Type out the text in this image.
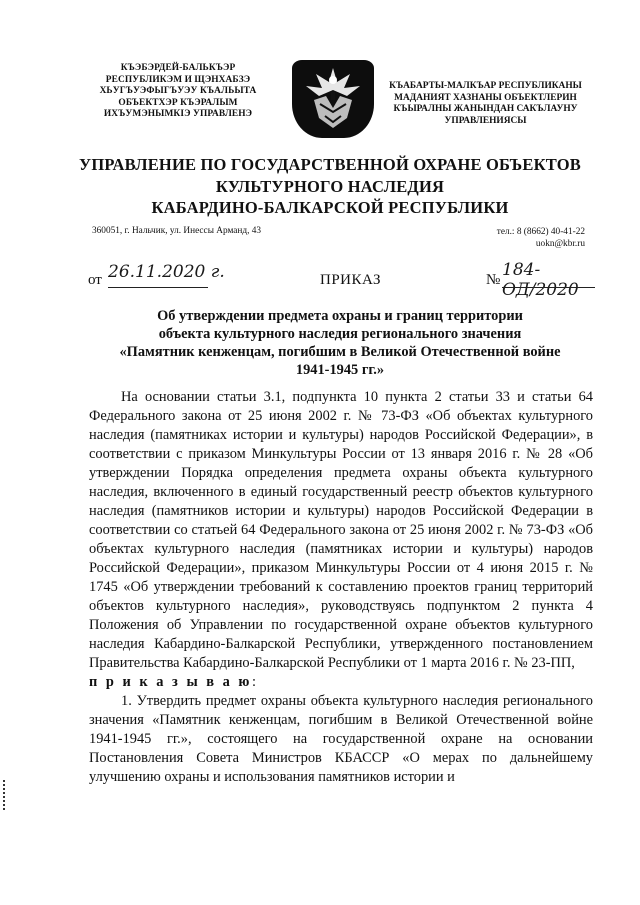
КЪЭБЭРДЕЙ-БАЛЬКЪЭР
РЕСПУБЛИКЭМ И ЩЭНХАБЗЭ
ХЬУГЪУЭФЫГЪУЭУ КЪАЛЬЫТА
ОБЪЕКТХЭР КЪЭРАЛЫМ
ИХЪУМЭНЫМКIЭ УПРАВЛЕНЭ
КЪАБАРТЫ-МАЛКЪАР РЕСПУБЛИКАНЫ
МАДАНИЯТ ХАЗНАНЫ ОБЪЕКТЛЕРИН
КЪЫРАЛНЫ ЖАНЫНДАН САКЪЛАУНУ
УПРАВЛЕНИЯСЫ
УПРАВЛЕНИЕ ПО ГОСУДАРСТВЕННОЙ ОХРАНЕ ОБЪЕКТОВ
КУЛЬТУРНОГО НАСЛЕДИЯ
КАБАРДИНО-БАЛКАРСКОЙ РЕСПУБЛИКИ
360051, г. Нальчик, ул. Инессы Арманд, 43	тел.: 8 (8662) 40-41-22
uokn@kbr.ru
от 26.11.2020 г.	ПРИКАЗ	№ 184-ОД/2020
Об утверждении предмета охраны и границ территории
объекта культурного наследия регионального значения
«Памятник кенженцам, погибшим в Великой Отечественной войне
1941-1945 гг.»

На основании статьи 3.1, подпункта 10 пункта 2 статьи 33 и статьи 64 Федерального закона от 25 июня 2002 г. № 73-ФЗ «Об объектах культурного наследия (памятниках истории и культуры) народов Российской Федерации», в соответствии с приказом Минкультуры России от 13 января 2016 г. № 28 «Об утверждении Порядка определения предмета охраны объекта культурного наследия, включенного в единый государственный реестр объектов культурного наследия (памятников истории и культуры) народов Российской Федерации в соответствии со статьей 64 Федерального закона от 25 июня 2002 г. № 73-ФЗ «Об объектах культурного наследия (памятниках истории и культуры) народов Российской Федерации», приказом Минкультуры России от 4 июня 2015 г. № 1745 «Об утверждении требований к составлению проектов границ территорий объектов культурного наследия», руководствуясь подпунктом 2 пункта 4 Положения об Управлении по государственной охране объектов культурного наследия Кабардино-Балкарской Республики, утвержденного постановлением Правительства Кабардино-Балкарской Республики от 1 марта 2016 г. № 23-ПП,

п р и к а з ы в а ю:

1. Утвердить предмет охраны объекта культурного наследия регионального значения «Памятник кенженцам, погибшим в Великой Отечественной войне 1941-1945 гг.», состоящего на государственной охране на основании Постановления Совета Министров КБАССР «О мерах по дальнейшему улучшению охраны и использования памятников истории и
